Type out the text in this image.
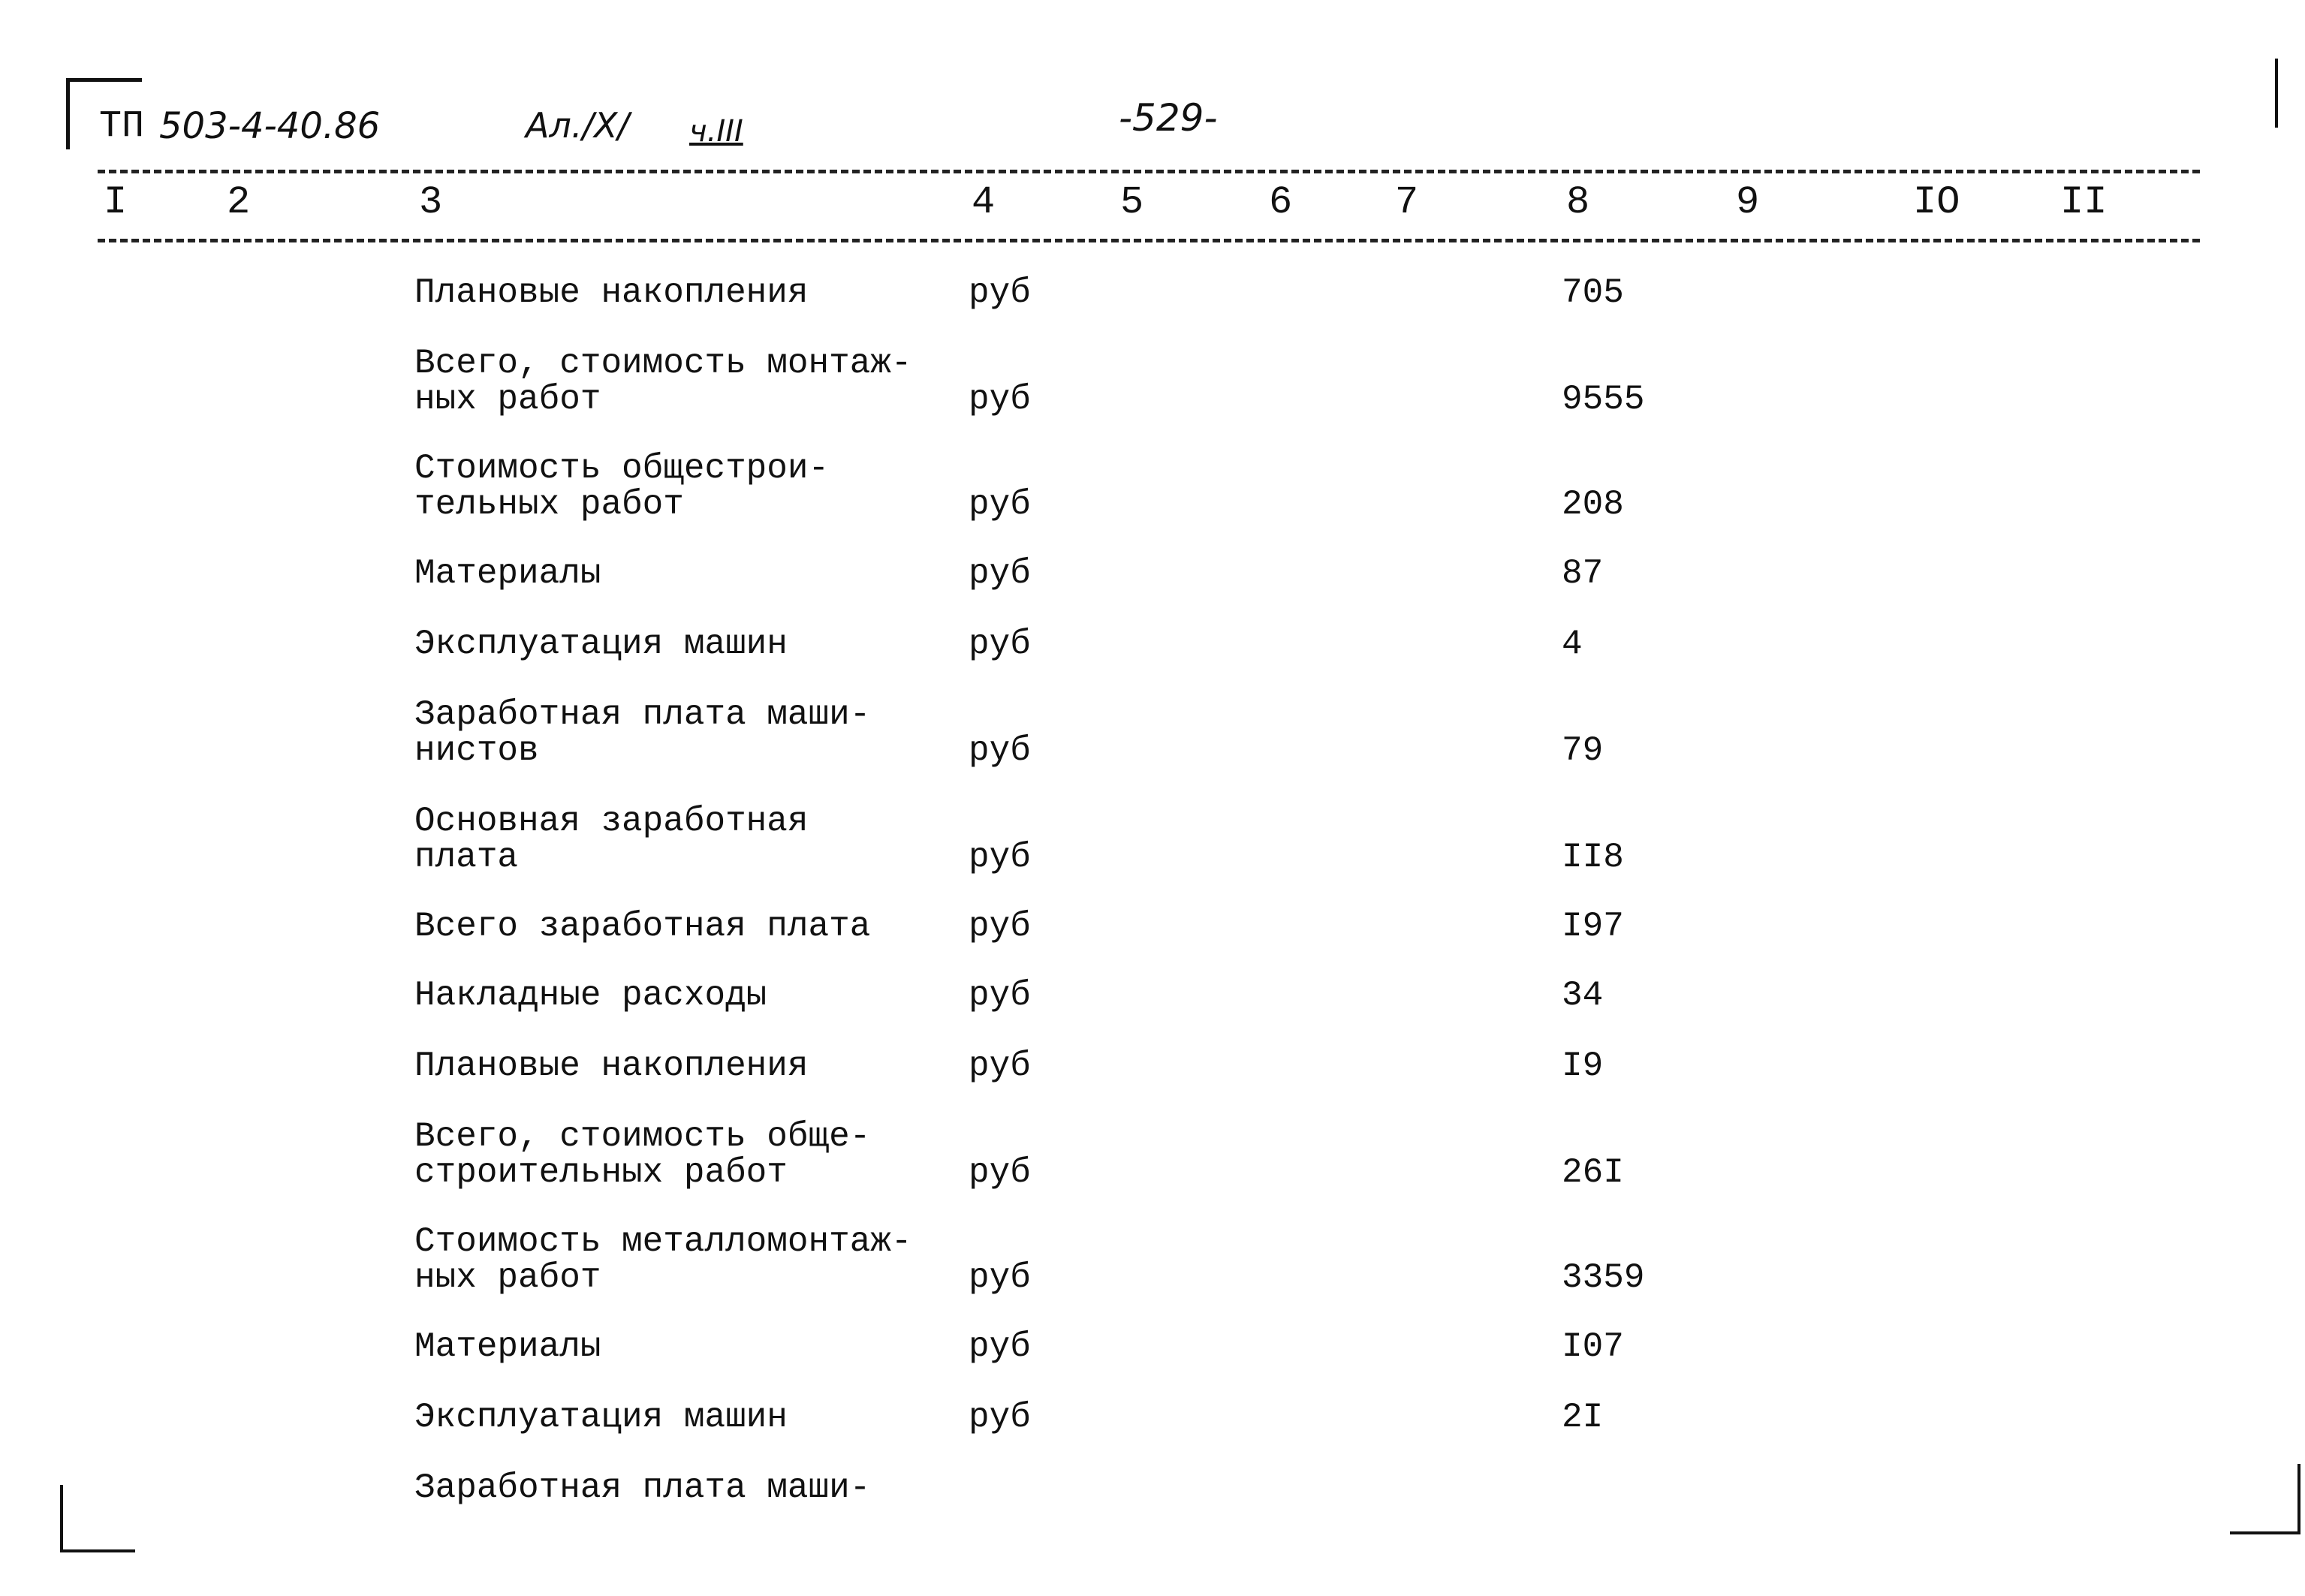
ТП 503-4-40.86	Ал./X/ ч.III	-529-
I	2	3	4	5	6	7	8	9	IO	II
Плановые накопления	руб	705
Всего, стоимость монтаж-
ных работ	руб	9555
Стоимость общестрои-
тельных работ	руб	208
Материалы	руб	87
Эксплуатация машин	руб	4
Заработная плата маши-
нистов	руб	79
Основная заработная
плата	руб	II8
Всего заработная плата	руб	I97
Накладные расходы	руб	34
Плановые накопления	руб	I9
Всего, стоимость обще-
строительных работ	руб	26I
Стоимость металломонтаж-
ных работ	руб	3359
Материалы	руб	I07
Эксплуатация машин	руб	2I
Заработная плата маши-
